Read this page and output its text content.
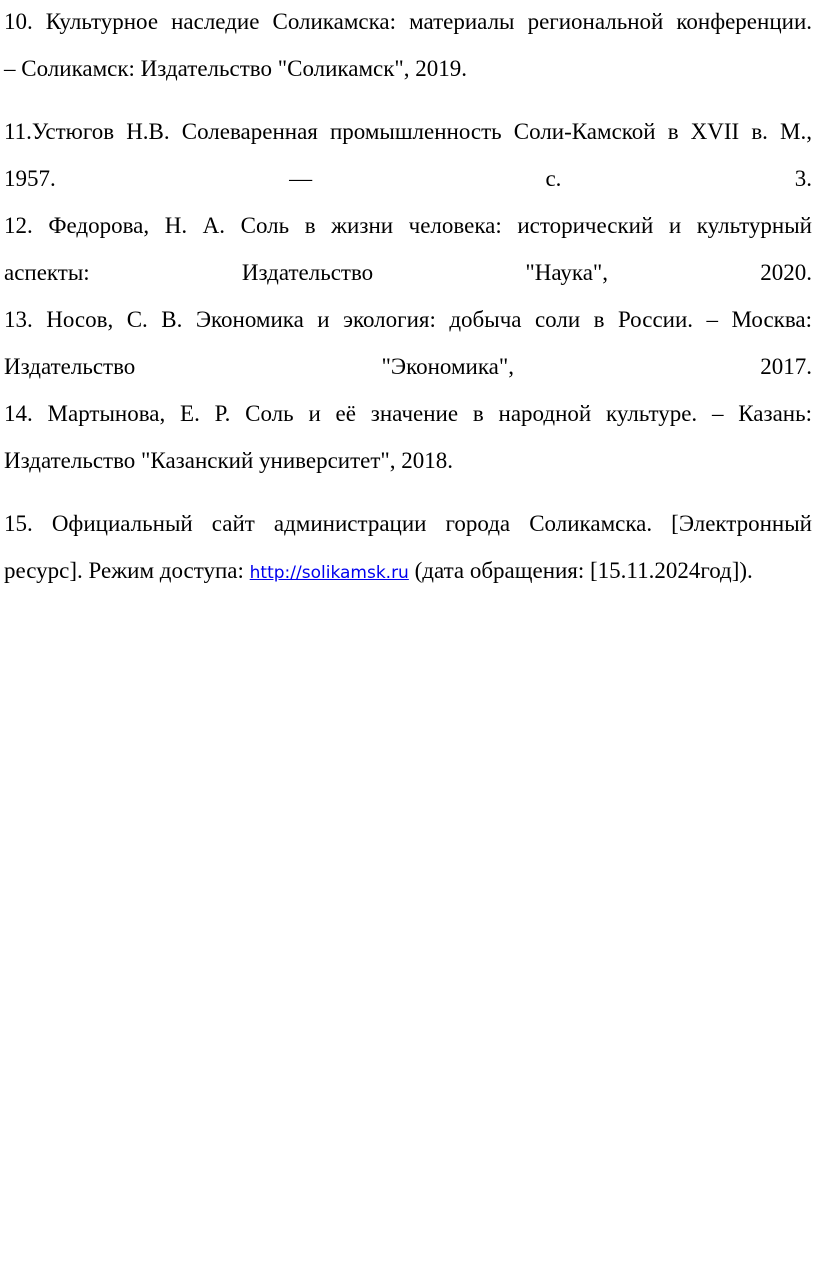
10. Культурное наследие Соликамска: материалы региональной конференции.
– Соликамск: Издательство "Соликамск", 2019.
11.Устюгов Н.В. Солеваренная промышленность Соли-Камской в XVII в. М.,
1957. — с. 3.
12. Федорова, Н. А. Соль в жизни человека: исторический и культурный
аспекты: Издательство "Наука", 2020.
13. Носов, С. В. Экономика и экология: добыча соли в России. – Москва:
Издательство "Экономика", 2017.
14. Мартынова, Е. Р. Соль и её значение в народной культуре. – Казань:
Издательство "Казанский университет", 2018.
15. Официальный сайт администрации города Соликамска. [Электронный
ресурс]. Режим доступа: http://solikamsk.ru (дата обращения: [15.11.2024год]).
